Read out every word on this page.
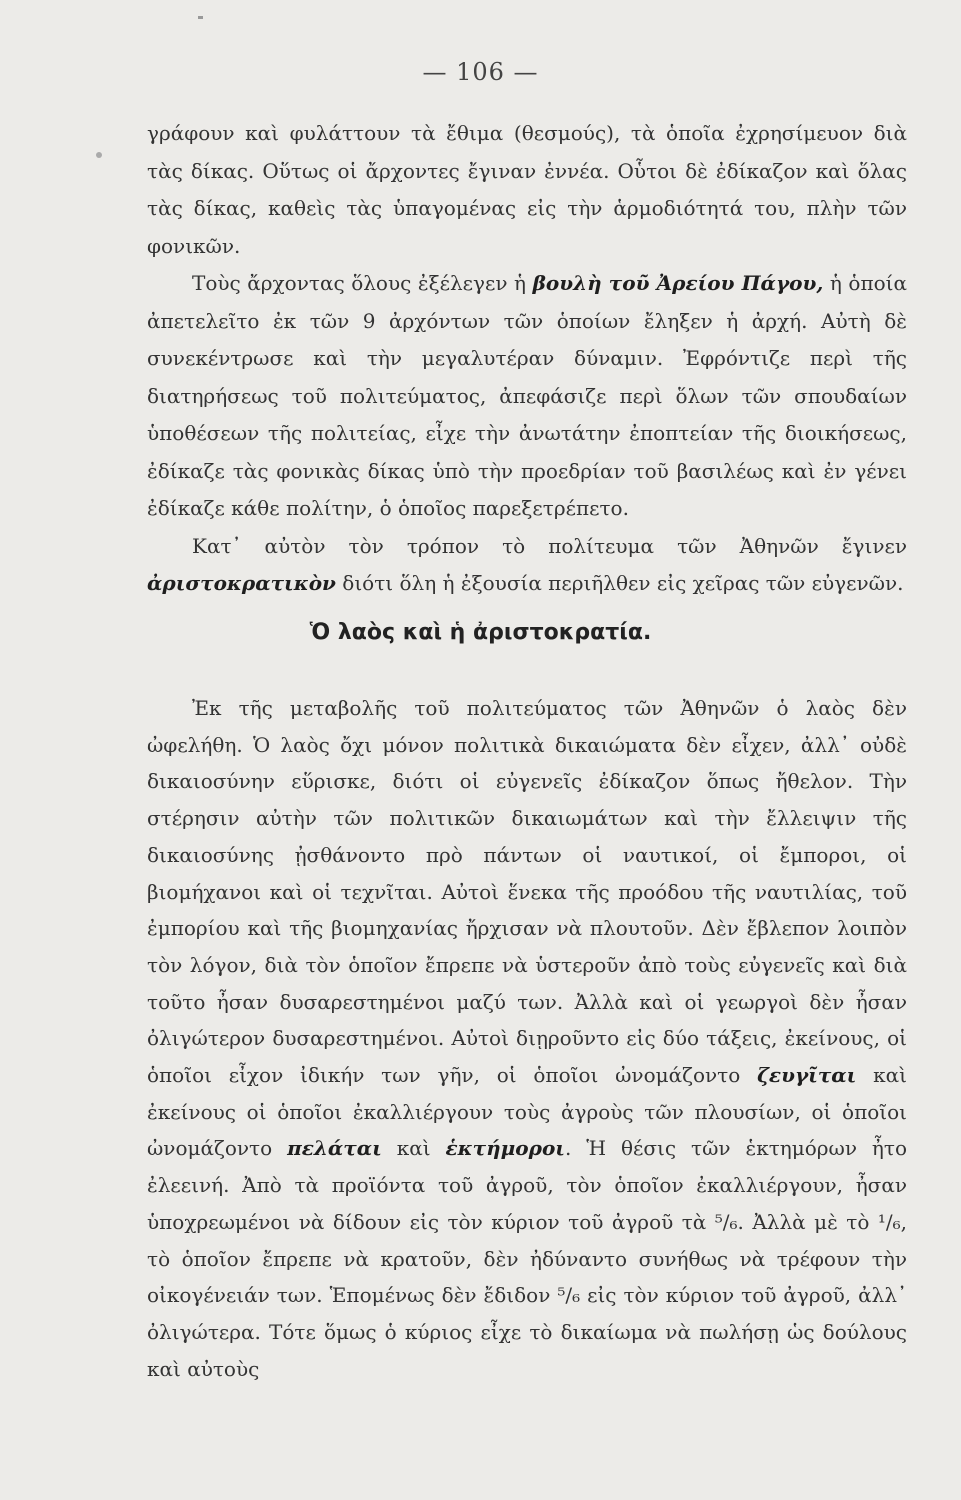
— 106 —

γράφουν καὶ φυλάττουν τὰ ἔθιμα (θεσμούς), τὰ ὁποῖα ἐχρησίμευον διὰ τὰς δίκας. Οὕτως οἱ ἄρχοντες ἔγιναν ἐννέα. Οὗτοι δὲ ἐδίκαζον καὶ ὅλας τὰς δίκας, καθεὶς τὰς ὑπαγομένας εἰς τὴν ἁρμοδιότητά του, πλὴν τῶν φονικῶν.

Τοὺς ἄρχοντας ὅλους ἐξέλεγεν ἡ βουλὴ τοῦ Ἀρείου Πάγου, ἡ ὁποία ἀπετελεῖτο ἐκ τῶν 9 ἀρχόντων τῶν ὁποίων ἔληξεν ἡ ἀρχή. Αὐτὴ δὲ συνεκέντρωσε καὶ τὴν μεγαλυτέραν δύναμιν. Ἐφρόντιζε περὶ τῆς διατηρήσεως τοῦ πολιτεύματος, ἀπεφάσιζε περὶ ὅλων τῶν σπουδαίων ὑποθέσεων τῆς πολιτείας, εἶχε τὴν ἀνωτάτην ἐποπτείαν τῆς διοικήσεως, ἐδίκαζε τὰς φονικὰς δίκας ὑπὸ τὴν προεδρίαν τοῦ βασιλέως καὶ ἐν γένει ἐδίκαζε κάθε πολίτην, ὁ ὁποῖος παρεξετρέπετο.

Κατ᾽ αὐτὸν τὸν τρόπον τὸ πολίτευμα τῶν Ἀθηνῶν ἔγινεν ἀριστοκρατικὸν διότι ὅλη ἡ ἐξουσία περιῆλθεν εἰς χεῖρας τῶν εὐγενῶν.

Ὁ λαὸς καὶ ἡ ἀριστοκρατία.

Ἐκ τῆς μεταβολῆς τοῦ πολιτεύματος τῶν Ἀθηνῶν ὁ λαὸς δὲν ὠφελήθη. Ὁ λαὸς ὄχι μόνον πολιτικὰ δικαιώματα δὲν εἶχεν, ἀλλ᾽ οὐδὲ δικαιοσύνην εὕρισκε, διότι οἱ εὐγενεῖς ἐδίκαζον ὅπως ἤθελον. Τὴν στέρησιν αὐτὴν τῶν πολιτικῶν δικαιωμάτων καὶ τὴν ἔλλειψιν τῆς δικαιοσύνης ᾐσθάνοντο πρὸ πάντων οἱ ναυτικοί, οἱ ἔμποροι, οἱ βιομήχανοι καὶ οἱ τεχνῖται. Αὐτοὶ ἕνεκα τῆς προόδου τῆς ναυτιλίας, τοῦ ἐμπορίου καὶ τῆς βιομηχανίας ἤρχισαν νὰ πλουτοῦν. Δὲν ἔβλεπον λοιπὸν τὸν λόγον, διὰ τὸν ὁποῖον ἔπρεπε νὰ ὑστεροῦν ἀπὸ τοὺς εὐγενεῖς καὶ διὰ τοῦτο ἦσαν δυσαρεστημένοι μαζύ των. Ἀλλὰ καὶ οἱ γεωργοὶ δὲν ἦσαν ὀλιγώτερον δυσαρεστημένοι. Αὐτοὶ διῃροῦντο εἰς δύο τάξεις, ἐκείνους, οἱ ὁποῖοι εἶχον ἰδικήν των γῆν, οἱ ὁποῖοι ὠνομάζοντο ζευγῖται καὶ ἐκείνους οἱ ὁποῖοι ἐκαλλιέργουν τοὺς ἀγροὺς τῶν πλουσίων, οἱ ὁποῖοι ὠνομάζοντο πελάται καὶ ἑκτήμοροι. Ἡ θέσις τῶν ἑκτημόρων ἦτο ἐλεεινή. Ἀπὸ τὰ προϊόντα τοῦ ἀγροῦ, τὸν ὁποῖον ἐκαλλιέργουν, ἦσαν ὑποχρεωμένοι νὰ δίδουν εἰς τὸν κύριον τοῦ ἀγροῦ τὰ ⁵/₆. Ἀλλὰ μὲ τὸ ¹/₆, τὸ ὁποῖον ἔπρεπε νὰ κρατοῦν, δὲν ἠδύναντο συνήθως νὰ τρέφουν τὴν οἰκογένειάν των. Ἑπομένως δὲν ἔδιδον ⁵/₆ εἰς τὸν κύριον τοῦ ἀγροῦ, ἀλλ᾽ ὀλιγώτερα. Τότε ὅμως ὁ κύριος εἶχε τὸ δικαίωμα νὰ πωλήσῃ ὡς δούλους καὶ αὐτοὺς
